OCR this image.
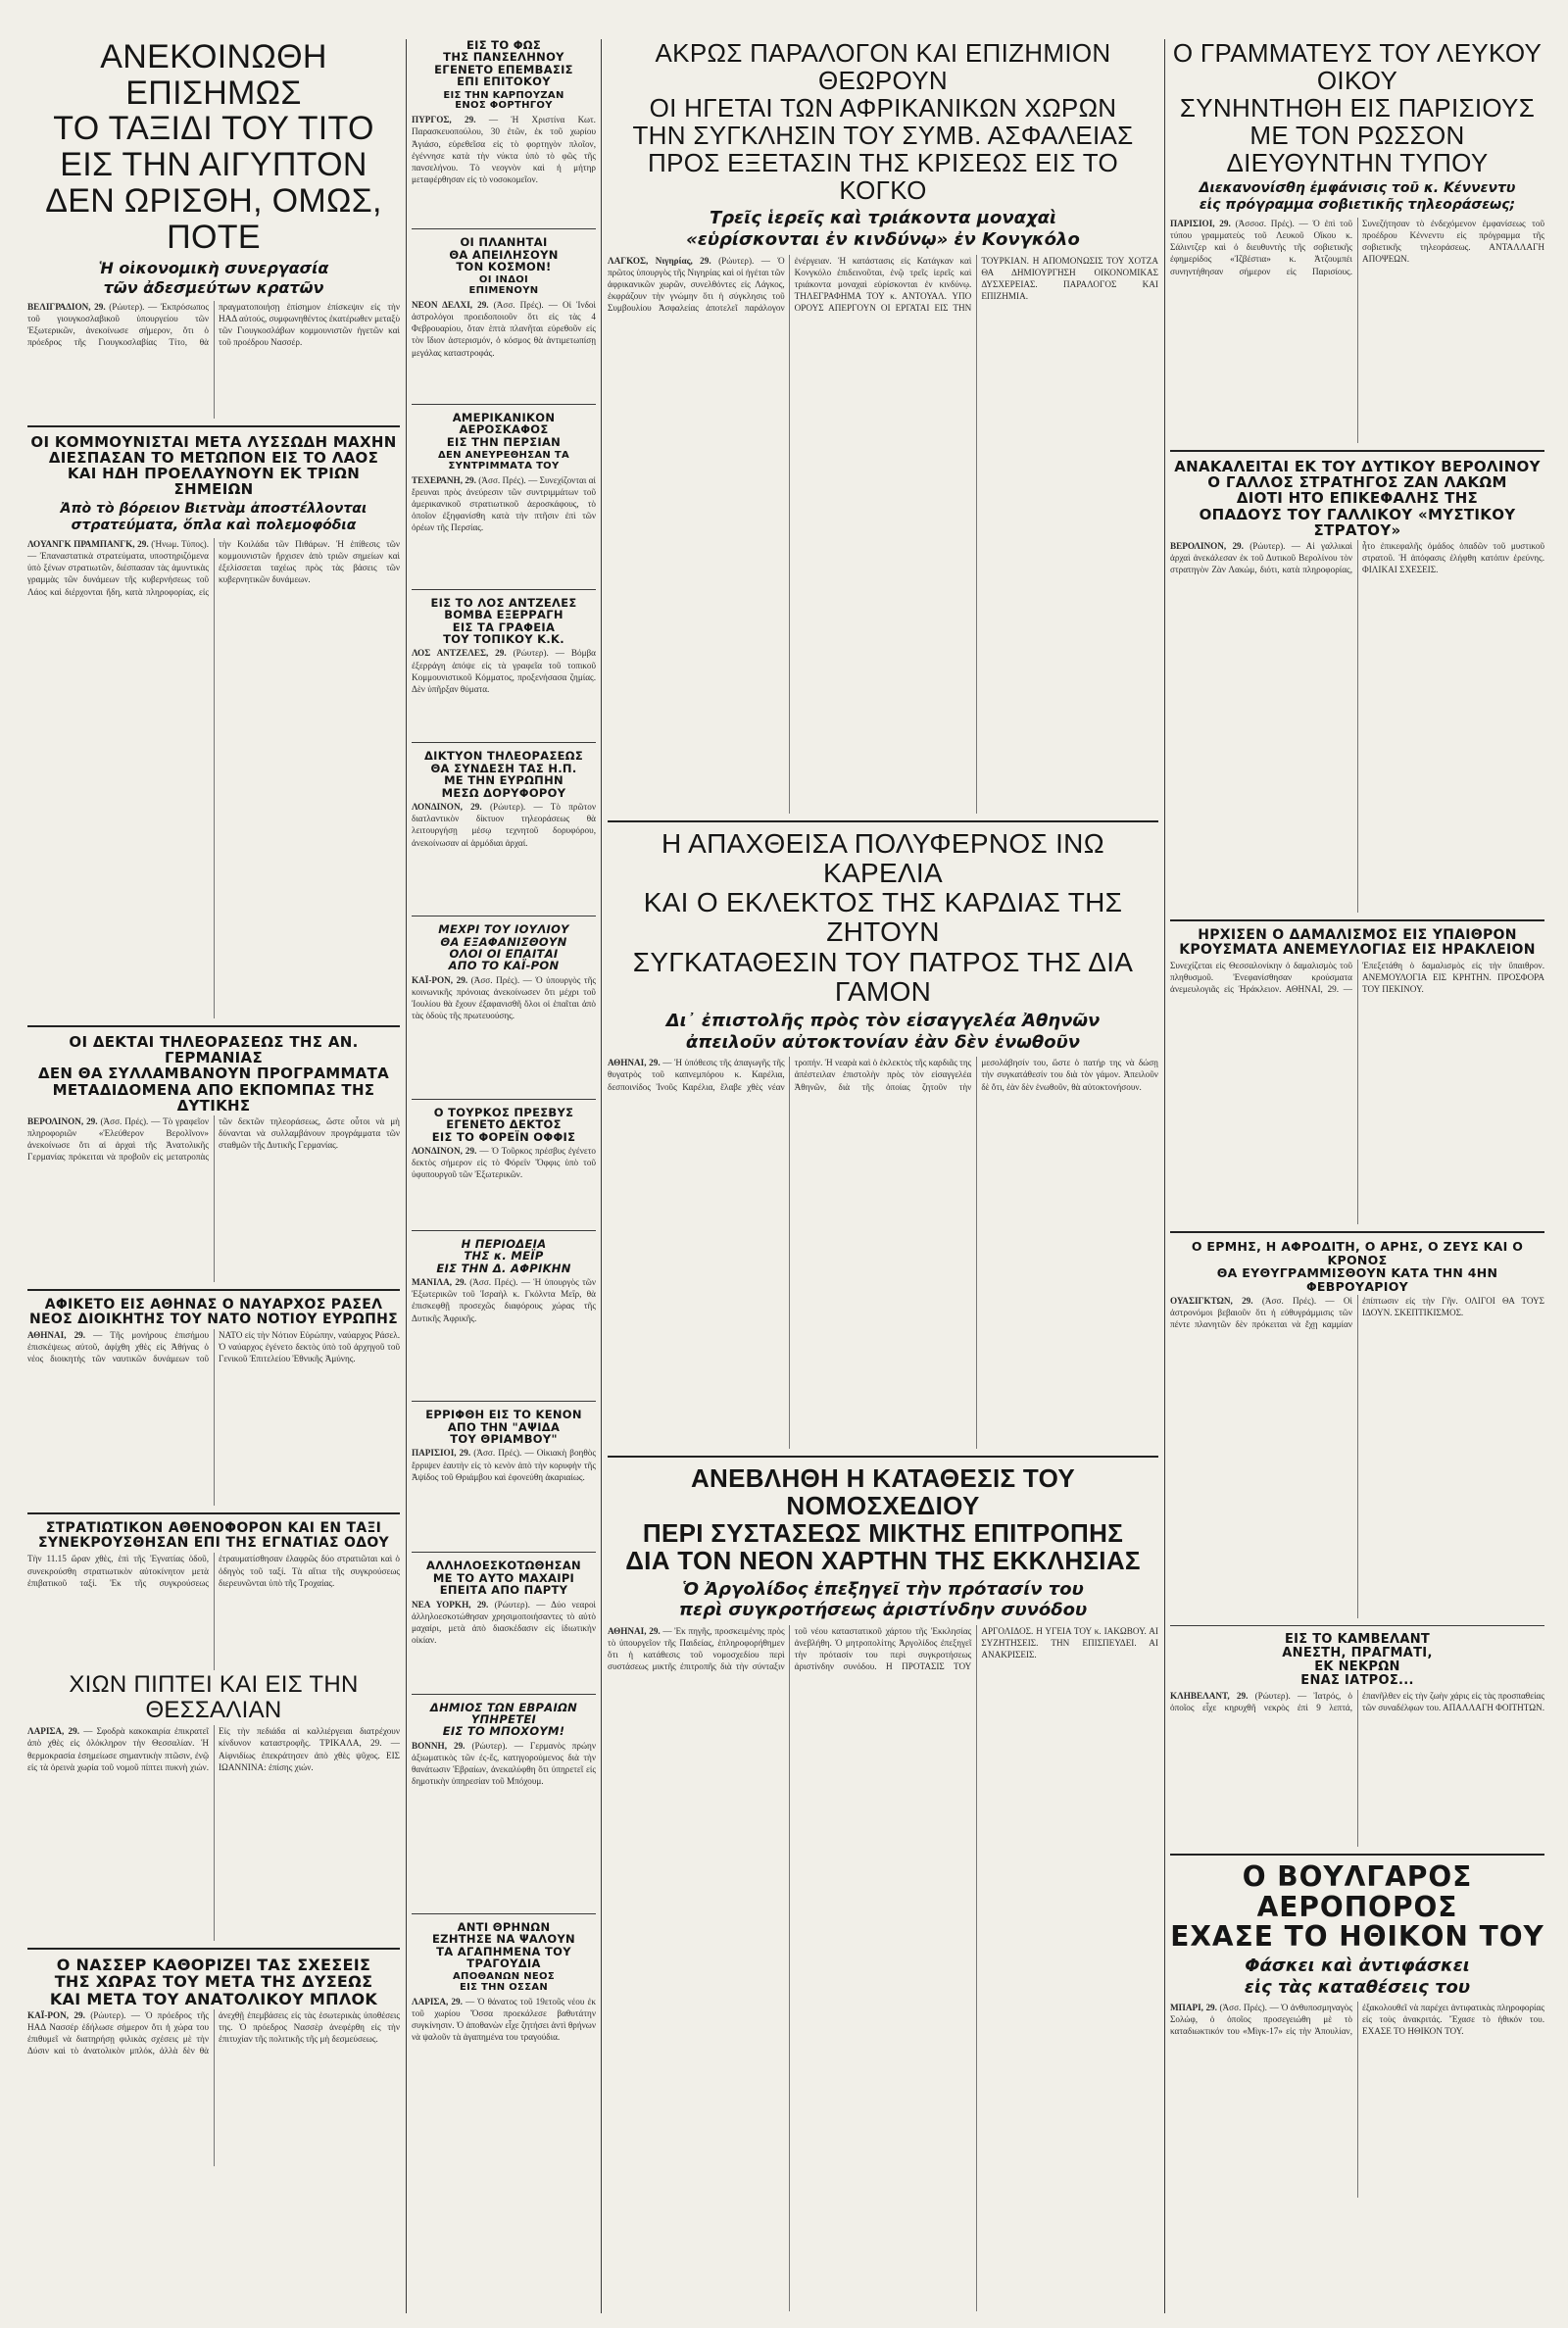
ΑΝΕΚΟΙΝΩΘΗ ΕΠΙΣΗΜΩΣ
ΤΟ ΤΑΞΙΔΙ ΤΟΥ ΤΙΤΟ
ΕΙΣ ΤΗΝ ΑΙΓΥΠΤΟΝ
ΔΕΝ ΩΡΙΣΘΗ, ΟΜΩΣ, ΠΟΤΕ
Ἡ οἰκονομικὴ συνεργασία
τῶν ἀδεσμεύτων κρατῶν
ΒΕΛΙΓΡΑΔΙΟΝ, 29. (Ρώυτερ). — Ἐκπρόσωπος τοῦ γιουγκοσλαβικοῦ ὑπουργείου τῶν Ἐξωτερικῶν, ἀνεκοίνωσε σήμερον, ὅτι ὁ πρόεδρος τῆς Γιουγκοσλαβίας Τίτο, θὰ πραγματοποιήσῃ ἐπίσημον ἐπίσκεψιν εἰς τὴν ΗΑΔ αὐτούς, συμφωνηθέντος ἐκατέρωθεν μεταξὺ τῶν Γιουγκοσλάβων κομμουνιστῶν ἡγετῶν καὶ τοῦ προέδρου Νασσέρ.
ΟΙ ΚΟΜΜΟΥΝΙΣΤΑΙ ΜΕΤΑ ΛΥΣΣΩΔΗ ΜΑΧΗΝ
ΔΙΕΣΠΑΣΑΝ ΤΟ ΜΕΤΩΠΟΝ ΕΙΣ ΤΟ ΛΑΟΣ
ΚΑΙ ΗΔΗ ΠΡΟΕΛΑΥΝΟΥΝ ΕΚ ΤΡΙΩΝ ΣΗΜΕΙΩΝ
Ἀπὸ τὸ βόρειον Βιετνὰμ ἀποστέλλονται
στρατεύματα, ὅπλα καὶ πολεμοφόδια
ΛΟΥΑΝΓΚ ΠΡΑΜΠΑΝΓΚ, 29. (Ἡνωμ. Τύπος). — Ἐπαναστατικὰ στρατεύματα, υποστηριζόμενα ὑπὸ ξένων στρατιωτῶν, διέσπασαν τὰς ἀμυντικὰς γραμμὰς τῶν δυνάμεων τῆς κυβερνήσεως τοῦ Λάος καὶ διέρχονται ἤδη, κατὰ πληροφορίας, εἰς τὴν Κοιλάδα τῶν Πιθάρων. Ἡ ἐπίθεσις τῶν κομμουνιστῶν ἤρχισεν ἀπὸ τριῶν σημείων καὶ ἐξελίσσεται ταχέως πρὸς τὰς βάσεις τῶν κυβερνητικῶν δυνάμεων.
ΟΙ ΔΕΚΤΑΙ ΤΗΛΕΟΡΑΣΕΩΣ ΤΗΣ ΑΝ. ΓΕΡΜΑΝΙΑΣ
ΔΕΝ ΘΑ ΣΥΛΛΑΜΒΑΝΟΥΝ ΠΡΟΓΡΑΜΜΑΤΑ
ΜΕΤΑΔΙΔΟΜΕΝΑ ΑΠΟ ΕΚΠΟΜΠΑΣ ΤΗΣ ΔΥΤΙΚΗΣ
ΒΕΡΟΛΙΝΟΝ, 29. (Ἀσσ. Πρές). — Τὸ γραφεῖον πληροφοριῶν «Ἐλεύθερον Βερολῖνον» ἀνεκοίνωσε ὅτι αἱ ἀρχαὶ τῆς Ἀνατολικῆς Γερμανίας πρόκειται νὰ προβοῦν εἰς μετατροπὰς τῶν δεκτῶν τηλεοράσεως, ὥστε οὗτοι νὰ μὴ δύνανται νὰ συλλαμβάνουν προγράμματα τῶν σταθμῶν τῆς Δυτικῆς Γερμανίας.
ΑΦΙΚΕΤΟ ΕΙΣ ΑΘΗΝΑΣ Ο ΝΑΥΑΡΧΟΣ ΡΑΣΕΛ
ΝΕΟΣ ΔΙΟΙΚΗΤΗΣ ΤΟΥ ΝΑΤΟ ΝΟΤΙΟΥ ΕΥΡΩΠΗΣ
ΑΘΗΝΑΙ, 29. — Τῆς μονήρους ἐπισήμου ἐπισκέψεως αὐτοῦ, ἀφίχθη χθὲς εἰς Ἀθήνας ὁ νέος διοικητὴς τῶν ναυτικῶν δυνάμεων τοῦ ΝΑΤΟ εἰς τὴν Νότιον Εὐρώπην, ναύαρχος Ράσελ. Ὁ ναύαρχος ἐγένετο δεκτὸς ὑπὸ τοῦ ἀρχηγοῦ τοῦ Γενικοῦ Ἐπιτελείου Ἐθνικῆς Ἀμύνης.
ΣΤΡΑΤΙΩΤΙΚΟΝ ΑΘΕΝΟΦΟΡΟΝ ΚΑΙ ΕΝ ΤΑΞΙ
ΣΥΝΕΚΡΟΥΣΘΗΣΑΝ ΕΠΙ ΤΗΣ ΕΓΝΑΤΙΑΣ ΟΔΟΥ
Τὴν 11.15 ὥραν χθὲς, ἐπὶ τῆς Ἐγνατίας ὁδοῦ, συνεκρούσθη στρατιωτικὸν αὐτοκίνητον μετὰ ἐπιβατικοῦ ταξί. Ἐκ τῆς συγκρούσεως ἐτραυματίσθησαν ἐλαφρῶς δύο στρατιῶται καὶ ὁ ὁδηγὸς τοῦ ταξί. Τὰ αἴτια τῆς συγκρούσεως διερευνῶνται ὑπὸ τῆς Τροχαίας.
ΧΙΩΝ ΠΙΠΤΕΙ ΚΑΙ ΕΙΣ ΤΗΝ ΘΕΣΣΑΛΙΑΝ
ΛΑΡΙΣΑ, 29. — Σφοδρὰ κακοκαιρία ἐπικρατεῖ ἀπὸ χθὲς εἰς ὁλόκληρον τὴν Θεσσαλίαν. Ἡ θερμοκρασία ἐσημείωσε σημαντικὴν πτῶσιν, ἐνῷ εἰς τὰ ὀρεινὰ χωρία τοῦ νομοῦ πίπτει πυκνὴ χιών. Εἰς τὴν πεδιάδα αἱ καλλιέργειαι διατρέχουν κίνδυνον καταστροφῆς. ΤΡΙΚΑΛΑ, 29. — Αἰφνιδίως ἐπεκράτησεν ἀπὸ χθὲς ψῦχος. ΕΙΣ ΙΩΑΝΝΙΝΑ: ἐπίσης χιών.
Ο ΝΑΣΣΕΡ ΚΑΘΟΡΙΖΕΙ ΤΑΣ ΣΧΕΣΕΙΣ
ΤΗΣ ΧΩΡΑΣ ΤΟΥ ΜΕΤΑ ΤΗΣ ΔΥΣΕΩΣ
ΚΑΙ ΜΕΤΑ ΤΟΥ ΑΝΑΤΟΛΙΚΟΥ ΜΠΛΟΚ
ΚΑΪ-ΡΟΝ, 29. (Ρώυτερ). — Ὁ πρόεδρος τῆς ΗΑΔ Νασσέρ ἐδήλωσε σήμερον ὅτι ἡ χώρα του ἐπιθυμεῖ νὰ διατηρήσῃ φιλικὰς σχέσεις μὲ τὴν Δύσιν καὶ τὸ ἀνατολικὸν μπλόκ, ἀλλὰ δὲν θὰ ἀνεχθῇ ἐπεμβάσεις εἰς τὰς ἐσωτερικὰς ὑποθέσεις της. Ὁ πρόεδρος Νασσὲρ ἀνεφέρθη εἰς τὴν ἐπιτυχίαν τῆς πολιτικῆς τῆς μὴ δεσμεύσεως.
ΕΙΣ ΤΟ ΦΩΣ
ΤΗΣ ΠΑΝΣΕΛΗΝΟΥ
ΕΓΕΝΕΤΟ ΕΠΕΜΒΑΣΙΣ
ΕΠΙ ΕΠΙΤΟΚΟΥ
ΕΙΣ ΤΗΝ ΚΑΡΠΟΥΖΑΝ
ΕΝΟΣ ΦΟΡΤΗΓΟΥ
ΠΥΡΓΟΣ, 29. — Ἡ Χριστίνα Κωτ. Παρασκευοπούλου, 30 ἐτῶν, ἐκ τοῦ χωρίου Ἀγιάσο, εὑρεθεῖσα εἰς τὸ φορτηγὸν πλοῖον, ἐγέννησε κατὰ τὴν νύκτα ὑπὸ τὸ φῶς τῆς πανσελήνου. Τὸ νεογνὸν καὶ ἡ μήτηρ μεταφέρθησαν εἰς τὸ νοσοκομεῖον.
ΟΙ ΠΛΑΝΗΤΑΙ
ΘΑ ΑΠΕΙΛΗΣΟΥΝ
ΤΟΝ ΚΟΣΜΟΝ!
ΟΙ ΙΝΔΟΙ
ΕΠΙΜΕΝΟΥΝ
ΝΕΟΝ ΔΕΛΧΙ, 29. (Ἀσσ. Πρές). — Οἱ Ἰνδοὶ ἀστρολόγοι προειδοποιοῦν ὅτι εἰς τὰς 4 Φεβρουαρίου, ὅταν ἑπτὰ πλανῆται εὑρεθοῦν εἰς τὸν ἴδιον ἀστερισμόν, ὁ κόσμος θὰ ἀντιμετωπίσῃ μεγάλας καταστροφάς.
ΑΜΕΡΙΚΑΝΙΚΟΝ
ΑΕΡΟΣΚΑΦΟΣ
ΕΙΣ ΤΗΝ ΠΕΡΣΙΑΝ
ΔΕΝ ΑΝΕΥΡΕΘΗΣΑΝ ΤΑ
ΣΥΝΤΡΙΜΜΑΤΑ ΤΟΥ
ΤΕΧΕΡΑΝΗ, 29. (Ἀσσ. Πρές). — Συνεχίζονται αἱ ἔρευναι πρὸς ἀνεύρεσιν τῶν συντριμμάτων τοῦ ἀμερικανικοῦ στρατιωτικοῦ ἀεροσκάφους, τὸ ὁποῖον ἐξηφανίσθη κατὰ τὴν πτῆσιν ἐπὶ τῶν ὀρέων τῆς Περσίας.
ΕΙΣ ΤΟ ΛΟΣ ΑΝΤΖΕΛΕΣ
ΒΟΜΒΑ ΕΞΕΡΡΑΓΗ
ΕΙΣ ΤΑ ΓΡΑΦΕΙΑ
ΤΟΥ ΤΟΠΙΚΟΥ Κ.Κ.
ΛΟΣ ΑΝΤΖΕΛΕΣ, 29. (Ρώυτερ). — Βόμβα ἐξερράγη ἀπόψε εἰς τὰ γραφεῖα τοῦ τοπικοῦ Κομμουνιστικοῦ Κόμματος, προξενήσασα ζημίας. Δὲν ὑπῆρξαν θύματα.
ΔΙΚΤΥΟΝ ΤΗΛΕΟΡΑΣΕΩΣ
ΘΑ ΣΥΝΔΕΣΗ ΤΑΣ Η.Π.
ΜΕ ΤΗΝ ΕΥΡΩΠΗΝ
ΜΕΣΩ ΔΟΡΥΦΟΡΟΥ
ΛΟΝΔΙΝΟΝ, 29. (Ρώυτερ). — Τὸ πρῶτον διατλαντικὸν δίκτυον τηλεοράσεως θὰ λειτουργήσῃ μέσῳ τεχνητοῦ δορυφόρου, ἀνεκοίνωσαν αἱ ἁρμόδιαι ἀρχαί.
ΜΕΧΡΙ ΤΟΥ ΙΟΥΛΙΟΥ
ΘΑ ΕΞΑΦΑΝΙΣΘΟΥΝ
ΟΛΟΙ ΟΙ ΕΠΑΙΤΑΙ
ΑΠΟ ΤΟ ΚΑΪ-ΡΟΝ
ΚΑΪ-ΡΟΝ, 29. (Ἀσσ. Πρές). — Ὁ ὑπουργὸς τῆς κοινωνικῆς πρόνοιας ἀνεκοίνωσεν ὅτι μέχρι τοῦ Ἰουλίου θὰ ἔχουν ἐξαφανισθῆ ὅλοι οἱ ἐπαῖται ἀπὸ τὰς ὁδοὺς τῆς πρωτευούσης.
Ο ΤΟΥΡΚΟΣ ΠΡΕΣΒΥΣ
ΕΓΕΝΕΤΟ ΔΕΚΤΟΣ
ΕΙΣ ΤΟ ΦΟΡΕΪΝ ΟΦΦΙΣ
ΛΟΝΔΙΝΟΝ, 29. — Ὁ Τοῦρκος πρέσβυς ἐγένετο δεκτὸς σήμερον εἰς τὸ Φόρεϊν Ὄφφις ὑπὸ τοῦ ὑφυπουργοῦ τῶν Ἐξωτερικῶν.
Η ΠΕΡΙΟΔΕΙΑ
ΤΗΣ κ. ΜΕΪΡ
ΕΙΣ ΤΗΝ Δ. ΑΦΡΙΚΗΝ
ΜΑΝΙΛΑ, 29. (Ἀσσ. Πρές). — Ἡ ὑπουργὸς τῶν Ἐξωτερικῶν τοῦ Ἰσραὴλ κ. Γκόλντα Μεΐρ, θὰ ἐπισκεφθῇ προσεχῶς διαφόρους χώρας τῆς Δυτικῆς Ἀφρικῆς.
ΕΡΡΙΦΘΗ ΕΙΣ ΤΟ ΚΕΝΟΝ
ΑΠΟ ΤΗΝ "ΑΨΙΔΑ
ΤΟΥ ΘΡΙΑΜΒΟΥ"
ΠΑΡΙΣΙΟΙ, 29. (Ἀσσ. Πρές). — Οἰκιακὴ βοηθὸς ἔρριψεν ἑαυτὴν εἰς τὸ κενὸν ἀπὸ τὴν κορυφὴν τῆς Ἀψίδος τοῦ Θριάμβου καὶ ἐφονεύθη ἀκαριαίως.
ΑΛΛΗΛΟΕΣΚΟΤΩΘΗΣΑΝ
ΜΕ ΤΟ ΑΥΤΟ ΜΑΧΑΙΡΙ
ΕΠΕΙΤΑ ΑΠΟ ΠΑΡΤΥ
ΝΕΑ ΥΟΡΚΗ, 29. (Ρώυτερ). — Δύο νεαροὶ ἀλληλοεσκοτώθησαν χρησιμοποιήσαντες τὸ αὐτὸ μαχαίρι, μετὰ ἀπὸ διασκέδασιν εἰς ἰδιωτικὴν οἰκίαν.
ΔΗΜΙΟΣ ΤΩΝ ΕΒΡΑΙΩΝ
ΥΠΗΡΕΤΕΙ
ΕΙΣ ΤΟ ΜΠΟΧΟΥΜ!
ΒΟΝΝΗ, 29. (Ρώυτερ). — Γερμανὸς πρώην ἀξιωματικὸς τῶν ἐς-ἔς, κατηγορούμενος διὰ τὴν θανάτωσιν Ἑβραίων, ἀνεκαλύφθη ὅτι ὑπηρετεῖ εἰς δημοτικὴν ὑπηρεσίαν τοῦ Μπόχουμ.
ΑΝΤΙ ΘΡΗΝΩΝ
ΕΖΗΤΗΣΕ ΝΑ ΨΑΛΟΥΝ
ΤΑ ΑΓΑΠΗΜΕΝΑ ΤΟΥ
ΤΡΑΓΟΥΔΙΑ
ΑΠΟΘΑΝΩΝ ΝΕΟΣ
ΕΙΣ ΤΗΝ ΟΣΣΑΝ
ΛΑΡΙΣΑ, 29. — Ὁ θάνατος τοῦ 19ετοῦς νέου ἐκ τοῦ χωρίου Ὄσσα προεκάλεσε βαθυτάτην συγκίνησιν. Ὁ ἀποθανὼν εἶχε ζητήσει ἀντὶ θρήνων νὰ ψαλοῦν τὰ ἀγαπημένα του τραγούδια.
ΑΚΡΩΣ ΠΑΡΑΛΟΓΟΝ ΚΑΙ ΕΠΙΖΗΜΙΟΝ ΘΕΩΡΟΥΝ
ΟΙ ΗΓΕΤΑΙ ΤΩΝ ΑΦΡΙΚΑΝΙΚΩΝ ΧΩΡΩΝ
ΤΗΝ ΣΥΓΚΛΗΣΙΝ ΤΟΥ ΣΥΜΒ. ΑΣΦΑΛΕΙΑΣ
ΠΡΟΣ ΕΞΕΤΑΣΙΝ ΤΗΣ ΚΡΙΣΕΩΣ ΕΙΣ ΤΟ ΚΟΓΚΟ
Τρεῖς ἱερεῖς καὶ τριάκοντα μοναχαὶ
«εὑρίσκονται ἐν κινδύνῳ» ἐν Κονγκόλο
ΛΑΓΚΟΣ, Νιγηρίας, 29. (Ρώυτερ). — Ὁ πρῶτος ὑπουργὸς τῆς Νιγηρίας καὶ οἱ ἡγέται τῶν ἀφρικανικῶν χωρῶν, συνελθόντες εἰς Λάγκος, ἐκφράζουν τὴν γνώμην ὅτι ἡ σύγκλησις τοῦ Συμβουλίου Ἀσφαλείας ἀποτελεῖ παράλογον ἐνέργειαν. Ἡ κατάστασις εἰς Κατάγκαν καὶ Κονγκόλο ἐπιδεινοῦται, ἐνῷ τρεῖς ἱερεῖς καὶ τριάκοντα μοναχαὶ εὑρίσκονται ἐν κινδύνῳ. ΤΗΛΕΓΡΑΦΗΜΑ ΤΟΥ κ. ΑΝΤΟΥΑΛ. ΥΠΟ ΟΡΟΥΣ ΑΠΕΡΓΟΥΝ ΟΙ ΕΡΓΑΤΑΙ ΕΙΣ ΤΗΝ ΤΟΥΡΚΙΑΝ. Η ΑΠΟΜΟΝΩΣΙΣ ΤΟΥ ΧΟΤΖΑ ΘΑ ΔΗΜΙΟΥΡΓΗΣΗ ΟΙΚΟΝΟΜΙΚΑΣ ΔΥΣΧΕΡΕΙΑΣ. ΠΑΡΑΛΟΓΟΣ ΚΑΙ ΕΠΙΖΗΜΙΑ.
Η ΑΠΑΧΘΕΙΣΑ ΠΟΛΥΦΕΡΝΟΣ ΙΝΩ ΚΑΡΕΛΙΑ
ΚΑΙ Ο ΕΚΛΕΚΤΟΣ ΤΗΣ ΚΑΡΔΙΑΣ ΤΗΣ ΖΗΤΟΥΝ
ΣΥΓΚΑΤΑΘΕΣΙΝ ΤΟΥ ΠΑΤΡΟΣ ΤΗΣ ΔΙΑ ΓΑΜΟΝ
Δι᾿ ἐπιστολῆς πρὸς τὸν εἰσαγγελέα Ἀθηνῶν
ἀπειλοῦν αὐτοκτονίαν ἐὰν δὲν ἑνωθοῦν
ΑΘΗΝΑΙ, 29. — Ἡ ὑπόθεσις τῆς ἀπαγωγῆς τῆς θυγατρὸς τοῦ καπνεμπόρου κ. Καρέλια, δεσποινίδος Ἰνοῦς Καρέλια, ἔλαβε χθὲς νέαν τροπήν. Ἡ νεαρὰ καὶ ὁ ἐκλεκτὸς τῆς καρδιᾶς της ἀπέστειλαν ἐπιστολὴν πρὸς τὸν εἰσαγγελέα Ἀθηνῶν, διὰ τῆς ὁποίας ζητοῦν τὴν μεσολάβησίν του, ὥστε ὁ πατήρ της νὰ δώσῃ τὴν συγκατάθεσίν του διὰ τὸν γάμον. Ἀπειλοῦν δὲ ὅτι, ἐὰν δὲν ἑνωθοῦν, θὰ αὐτοκτονήσουν.
ΑΝΕΒΛΗΘΗ Η ΚΑΤΑΘΕΣΙΣ ΤΟΥ ΝΟΜΟΣΧΕΔΙΟΥ
ΠΕΡΙ ΣΥΣΤΑΣΕΩΣ ΜΙΚΤΗΣ ΕΠΙΤΡΟΠΗΣ
ΔΙΑ ΤΟΝ ΝΕΟΝ ΧΑΡΤΗΝ ΤΗΣ ΕΚΚΛΗΣΙΑΣ
Ὁ Ἀργολίδος ἐπεξηγεῖ τὴν πρότασίν του
περὶ συγκροτήσεως ἀριστίνδην συνόδου
ΑΘΗΝΑΙ, 29. — Ἐκ πηγῆς, προσκειμένης πρὸς τὸ ὑπουργεῖον τῆς Παιδείας, ἐπληροφορήθημεν ὅτι ἡ κατάθεσις τοῦ νομοσχεδίου περὶ συστάσεως μικτῆς ἐπιτροπῆς διὰ τὴν σύνταξιν τοῦ νέου καταστατικοῦ χάρτου τῆς Ἐκκλησίας ἀνεβλήθη. Ὁ μητροπολίτης Ἀργολίδος ἐπεξηγεῖ τὴν πρότασίν του περὶ συγκροτήσεως ἀριστίνδην συνόδου. Η ΠΡΟΤΑΣΙΣ ΤΟΥ ΑΡΓΟΛΙΔΟΣ. Η ΥΓΕΙΑ ΤΟΥ κ. ΙΑΚΩΒΟΥ. ΑΙ ΣΥΖΗΤΗΣΕΙΣ. ΤΗΝ ΕΠΙΣΠΕΥΔΕΙ. ΑΙ ΑΝΑΚΡΙΣΕΙΣ.
Ο ΓΡΑΜΜΑΤΕΥΣ ΤΟΥ ΛΕΥΚΟΥ ΟΙΚΟΥ
ΣΥΝΗΝΤΗΘΗ ΕΙΣ ΠΑΡΙΣΙΟΥΣ
ΜΕ ΤΟΝ ΡΩΣΣΟΝ ΔΙΕΥΘΥΝΤΗΝ ΤΥΠΟΥ
Διεκανονίσθη ἐμφάνισις τοῦ κ. Κέννεντυ
εἰς πρόγραμμα σοβιετικῆς τηλεοράσεως;
ΠΑΡΙΣΙΟΙ, 29. (Ἀσσοσ. Πρές). — Ὁ ἐπὶ τοῦ τύπου γραμματεὺς τοῦ Λευκοῦ Οἴκου κ. Σάλιντζερ καὶ ὁ διευθυντὴς τῆς σοβιετικῆς ἐφημερίδος «Ἰζβέστια» κ. Ἀτζουμπέι συνηντήθησαν σήμερον εἰς Παρισίους. Συνεζήτησαν τὸ ἐνδεχόμενον ἐμφανίσεως τοῦ προέδρου Κέννεντυ εἰς πρόγραμμα τῆς σοβιετικῆς τηλεοράσεως. ΑΝΤΑΛΛΑΓΗ ΑΠΟΨΕΩΝ.
ΑΝΑΚΑΛΕΙΤΑΙ ΕΚ ΤΟΥ ΔΥΤΙΚΟΥ ΒΕΡΟΛΙΝΟΥ
Ο ΓΑΛΛΟΣ ΣΤΡΑΤΗΓΟΣ ΖΑΝ ΛΑΚΩΜ
ΔΙΟΤΙ ΗΤΟ ΕΠΙΚΕΦΑΛΗΣ ΤΗΣ
ΟΠΑΔΟΥΣ ΤΟΥ ΓΑΛΛΙΚΟΥ «ΜΥΣΤΙΚΟΥ ΣΤΡΑΤΟΥ»
ΒΕΡΟΛΙΝΟΝ, 29. (Ρώυτερ). — Αἱ γαλλικαὶ ἀρχαὶ ἀνεκάλεσαν ἐκ τοῦ Δυτικοῦ Βερολίνου τὸν στρατηγὸν Ζὰν Λακώμ, διότι, κατὰ πληροφορίας, ἦτο ἐπικεφαλῆς ὁμάδος ὀπαδῶν τοῦ μυστικοῦ στρατοῦ. Ἡ ἀπόφασις ἐλήφθη κατόπιν ἐρεύνης. ΦΙΛΙΚΑΙ ΣΧΕΣΕΙΣ.
ΗΡΧΙΣΕΝ Ο ΔΑΜΑΛΙΣΜΟΣ ΕΙΣ ΥΠΑΙΘΡΟΝ
ΚΡΟΥΣΜΑΤΑ ΑΝΕΜΕΥΛΟΓΙΑΣ ΕΙΣ ΗΡΑΚΛΕΙΟΝ
Συνεχίζεται εἰς Θεσσαλονίκην ὁ δαμαλισμὸς τοῦ πληθυσμοῦ. Ἐνεφανίσθησαν κρούσματα ἀνεμευλογιᾶς εἰς Ἡράκλειον. ΑΘΗΝΑΙ, 29. — Ἐπεξετάθη ὁ δαμαλισμὸς εἰς τὴν ὕπαιθρον. ΑΝΕΜΟΥΛΟΓΙΑ ΕΙΣ ΚΡΗΤΗΝ. ΠΡΟΣΦΟΡΑ ΤΟΥ ΠΕΚΙΝΟΥ.
Ο ΕΡΜΗΣ, Η ΑΦΡΟΔΙΤΗ, Ο ΑΡΗΣ, Ο ΖΕΥΣ ΚΑΙ Ο ΚΡΟΝΟΣ
ΘΑ ΕΥΘΥΓΡΑΜΜΙΣΘΟΥΝ ΚΑΤΑ ΤΗΝ 4ΗΝ ΦΕΒΡΟΥΑΡΙΟΥ
ΟΥΑΣΙΓΚΤΩΝ, 29. (Ἀσσ. Πρές). — Οἱ ἀστρονόμοι βεβαιοῦν ὅτι ἡ εὐθυγράμμισις τῶν πέντε πλανητῶν δὲν πρόκειται νὰ ἔχῃ καμμίαν ἐπίπτωσιν εἰς τὴν Γῆν. ΟΛΙΓΟΙ ΘΑ ΤΟΥΣ ΙΔΟΥΝ. ΣΚΕΠΤΙΚΙΣΜΟΣ.
ΕΙΣ ΤΟ ΚΑΜΒΕΛΑΝΤ
ΑΝΕΣΤΗ, ΠΡΑΓΜΑΤΙ,
ΕΚ ΝΕΚΡΩΝ
ΕΝΑΣ ΙΑΤΡΟΣ...
ΚΛΗΒΕΛΑΝΤ, 29. (Ρώυτερ). — Ἰατρός, ὁ ὁποῖος εἶχε κηρυχθῆ νεκρὸς ἐπὶ 9 λεπτά, ἐπανῆλθεν εἰς τὴν ζωὴν χάρις εἰς τὰς προσπαθείας τῶν συναδέλφων του. ΑΠΑΛΛΑΓΗ ΦΟΙΤΗΤΩΝ.
Ο ΒΟΥΛΓΑΡΟΣ ΑΕΡΟΠΟΡΟΣ
ΕΧΑΣΕ ΤΟ ΗΘΙΚΟΝ ΤΟΥ
Φάσκει καὶ ἀντιφάσκει
εἰς τὰς καταθέσεις του
ΜΠΑΡΙ, 29. (Ἀσσ. Πρές). — Ὁ ἀνθυποσμηναγὸς Σολώφ, ὁ ὁποῖος προσεγειώθη μὲ τὸ καταδιωκτικόν του «Μὶγκ-17» εἰς τὴν Ἀπουλίαν, ἐξακολουθεῖ νὰ παρέχει ἀντιφατικὰς πληροφορίας εἰς τοὺς ἀνακριτάς. Ἔχασε τὸ ἠθικόν του. ΕΧΑΣΕ ΤΟ ΗΘΙΚΟΝ ΤΟΥ.
